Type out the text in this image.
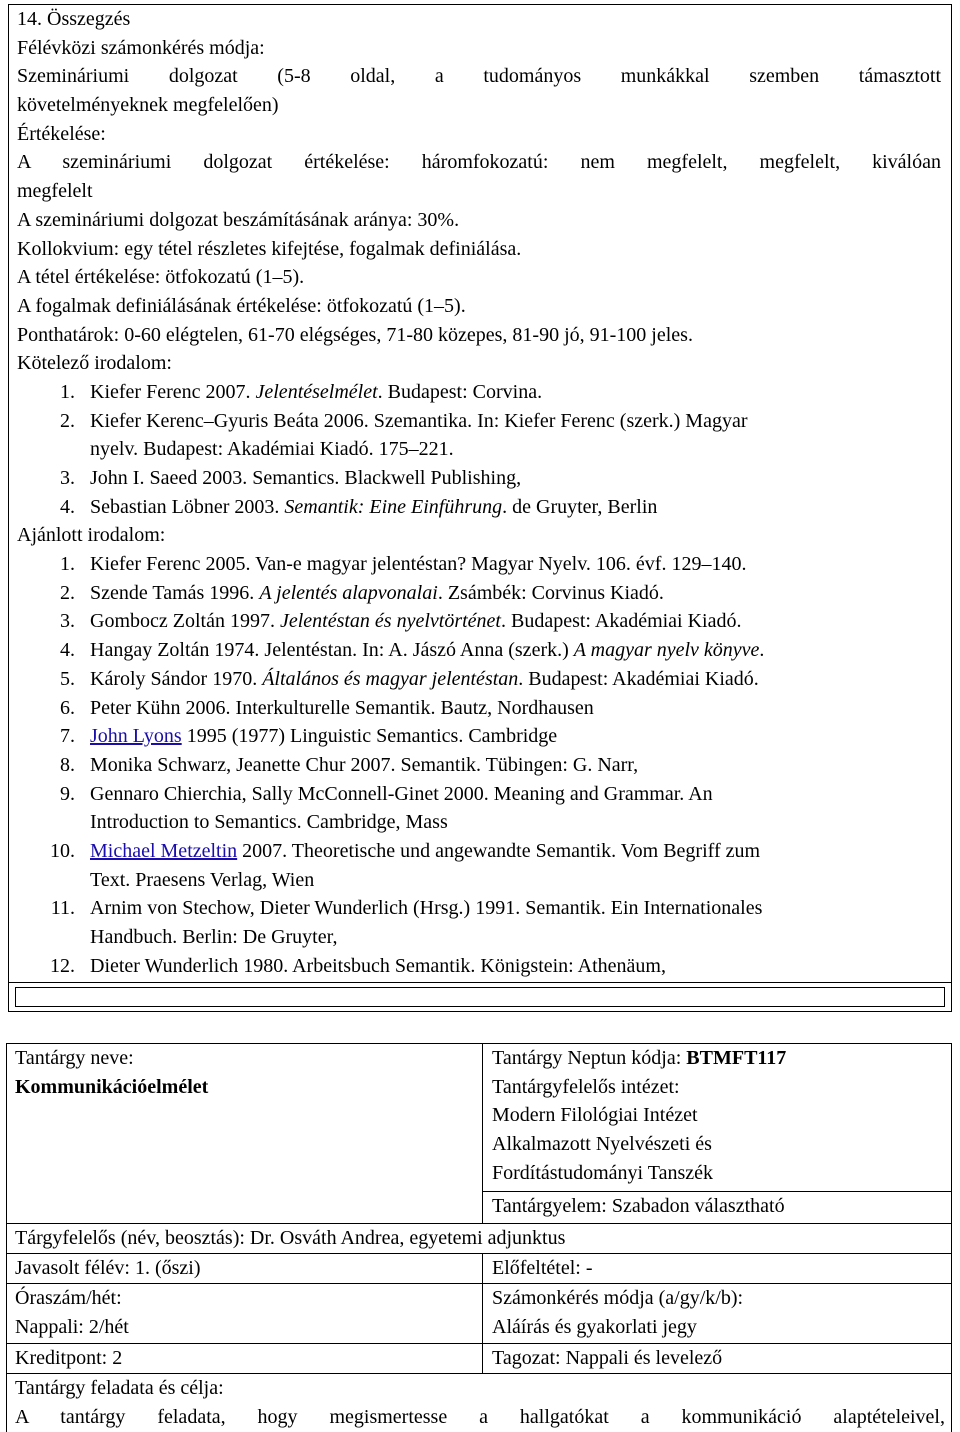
14. Összegzés
Félévközi számonkérés módja:
Szemináriumi dolgozat (5-8 oldal, a tudományos munkákkal szemben támasztott
követelményeknek megfelelően)
Értékelése:
A szemináriumi dolgozat értékelése: háromfokozatú: nem megfelelt, megfelelt, kiválóan
megfelelt
A szemináriumi dolgozat beszámításának aránya: 30%.
Kollokvium: egy tétel részletes kifejtése, fogalmak definiálása.
A tétel értékelése: ötfokozatú (1–5).
A fogalmak definiálásának értékelése: ötfokozatú (1–5).
Ponthatárok: 0-60 elégtelen, 61-70 elégséges, 71-80 közepes, 81-90 jó, 91-100 jeles.
Kötelező irodalom:
1. Kiefer Ferenc 2007. Jelentéselmélet. Budapest: Corvina.
2. Kiefer Kerenc–Gyuris Beáta 2006. Szemantika. In: Kiefer Ferenc (szerk.) Magyar
nyelv. Budapest: Akadémiai Kiadó. 175–221.
3. John I. Saeed 2003. Semantics. Blackwell Publishing,
4. Sebastian Löbner 2003. Semantik: Eine Einführung. de Gruyter, Berlin
Ajánlott irodalom:
1. Kiefer Ferenc 2005. Van-e magyar jelentéstan? Magyar Nyelv. 106. évf. 129–140.
2. Szende Tamás 1996. A jelentés alapvonalai. Zsámbék: Corvinus Kiadó.
3. Gombocz Zoltán 1997. Jelentéstan és nyelvtörténet. Budapest: Akadémiai Kiadó.
4. Hangay Zoltán 1974. Jelentéstan. In: A. Jászó Anna (szerk.) A magyar nyelv könyve.
5. Károly Sándor 1970. Általános és magyar jelentéstan. Budapest: Akadémiai Kiadó.
6. Peter Kühn 2006. Interkulturelle Semantik. Bautz, Nordhausen
7. John Lyons 1995 (1977) Linguistic Semantics. Cambridge
8. Monika Schwarz, Jeanette Chur 2007. Semantik. Tübingen: G. Narr,
9. Gennaro Chierchia, Sally McConnell-Ginet 2000. Meaning and Grammar. An
Introduction to Semantics. Cambridge, Mass
10. Michael Metzeltin 2007. Theoretische und angewandte Semantik. Vom Begriff zum
Text. Praesens Verlag, Wien
11. Arnim von Stechow, Dieter Wunderlich (Hrsg.) 1991. Semantik. Ein Internationales
Handbuch. Berlin: De Gruyter,
12. Dieter Wunderlich 1980. Arbeitsbuch Semantik. Königstein: Athenäum,
Tantárgy neve:
Kommunikációelmélet
Tantárgy Neptun kódja: BTMFT117
Tantárgyfelelős intézet:
Modern Filológiai Intézet
Alkalmazott Nyelvészeti és
Fordítástudományi Tanszék
Tantárgyelem: Szabadon választható
Tárgyfelelős (név, beosztás): Dr. Osváth Andrea, egyetemi adjunktus
Javasolt félév: 1. (őszi)	Előfeltétel: -
Óraszám/hét:
Nappali: 2/hét
Számonkérés módja (a/gy/k/b):
Aláírás és gyakorlati jegy
Kreditpont: 2	Tagozat: Nappali és levelező
Tantárgy feladata és célja:
A tantárgy feladata, hogy megismertesse a hallgatókat a kommunikáció alaptételeivel,
